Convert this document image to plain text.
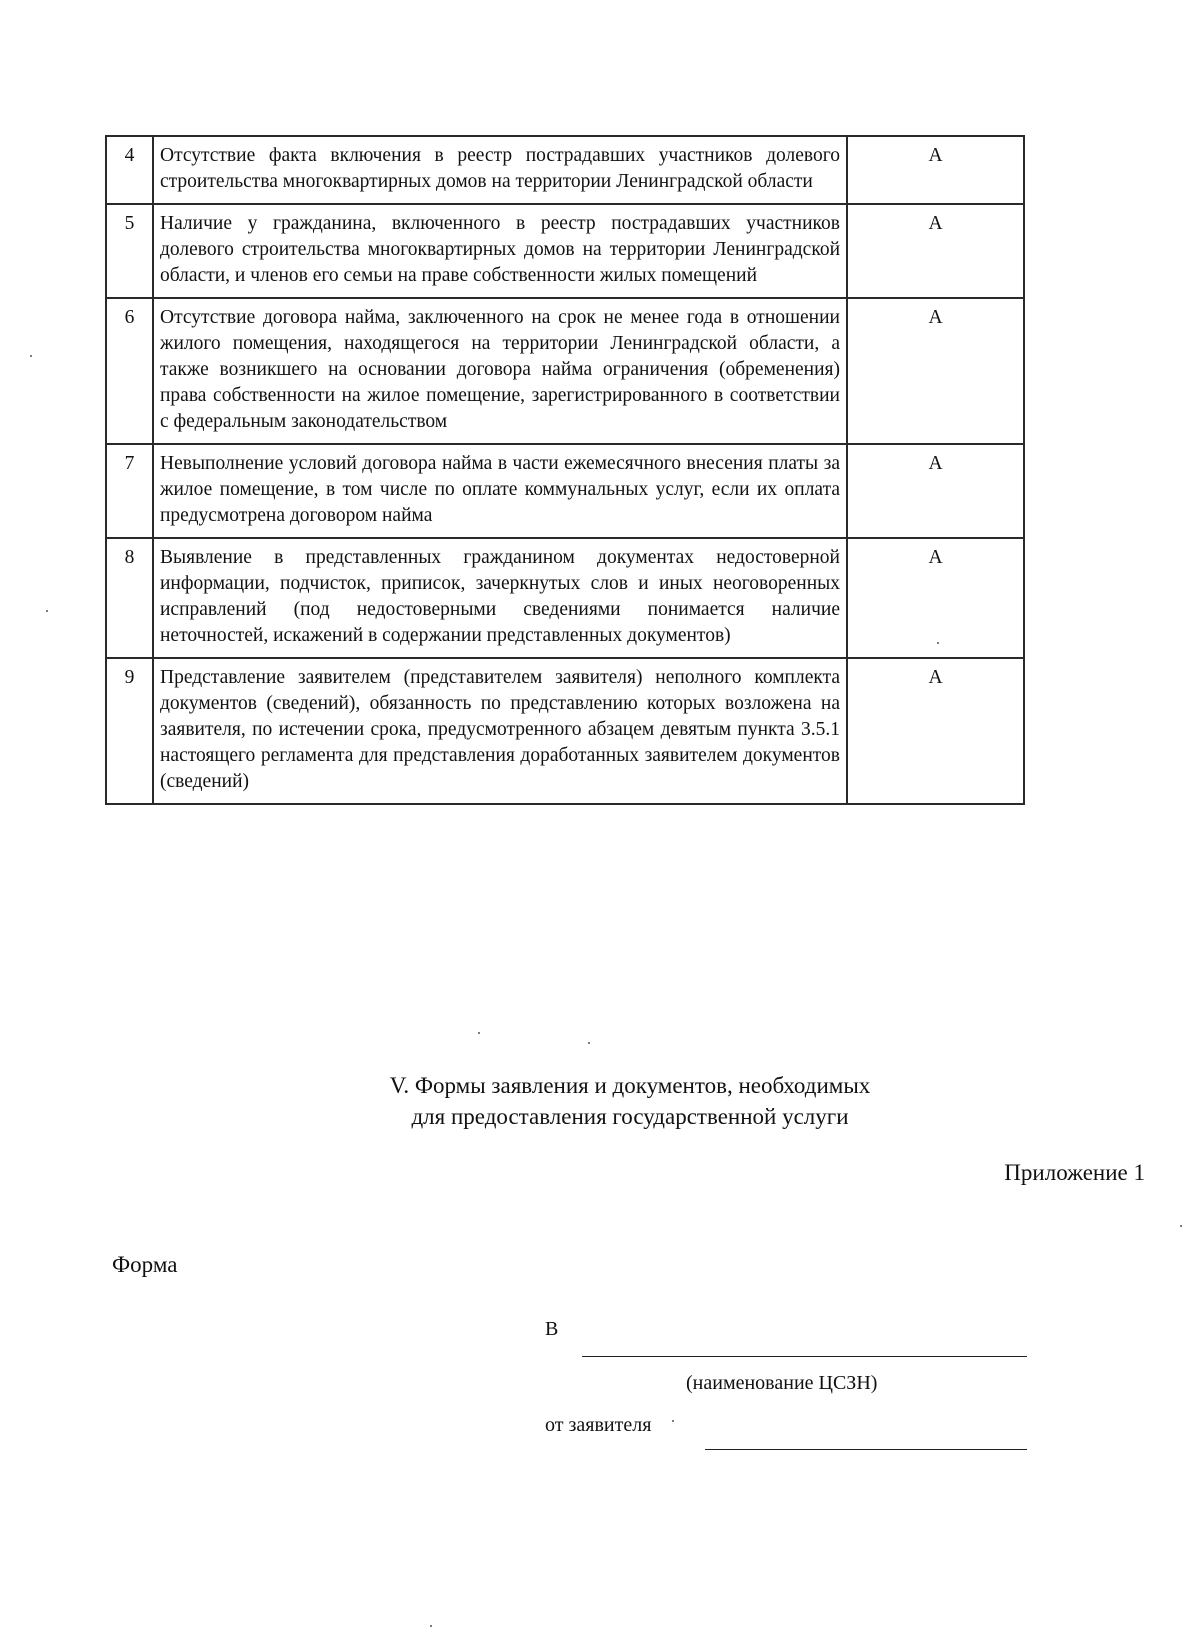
4	Отсутствие факта включения в реестр пострадавших участников долевого строительства многоквартирных домов на территории Ленинградской области	А
5	Наличие у гражданина, включенного в реестр пострадавших участников долевого строительства многоквартирных домов на территории Ленинградской области, и членов его семьи на праве собственности жилых помещений	А
6	Отсутствие договора найма, заключенного на срок не менее года в отношении жилого помещения, находящегося на территории Ленинградской области, а также возникшего на основании договора найма ограничения (обременения) права собственности на жилое помещение, зарегистрированного в соответствии с федеральным законодательством	А
7	Невыполнение условий договора найма в части ежемесячного внесения платы за жилое помещение, в том числе по оплате коммунальных услуг, если их оплата предусмотрена договором найма	А
8	Выявление в представленных гражданином документах недостоверной информации, подчисток, приписок, зачеркнутых слов и иных неоговоренных исправлений (под недостоверными сведениями понимается наличие неточностей, искажений в содержании представленных документов)	А
9	Представление заявителем (представителем заявителя) неполного комплекта документов (сведений), обязанность по представлению которых возложена на заявителя, по истечении срока, предусмотренного абзацем девятым пункта 3.5.1 настоящего регламента для представления доработанных заявителем документов (сведений)	А
V. Формы заявления и документов, необходимых
для предоставления государственной услуги
Приложение 1
Форма
В
(наименование ЦСЗН)
от заявителя
